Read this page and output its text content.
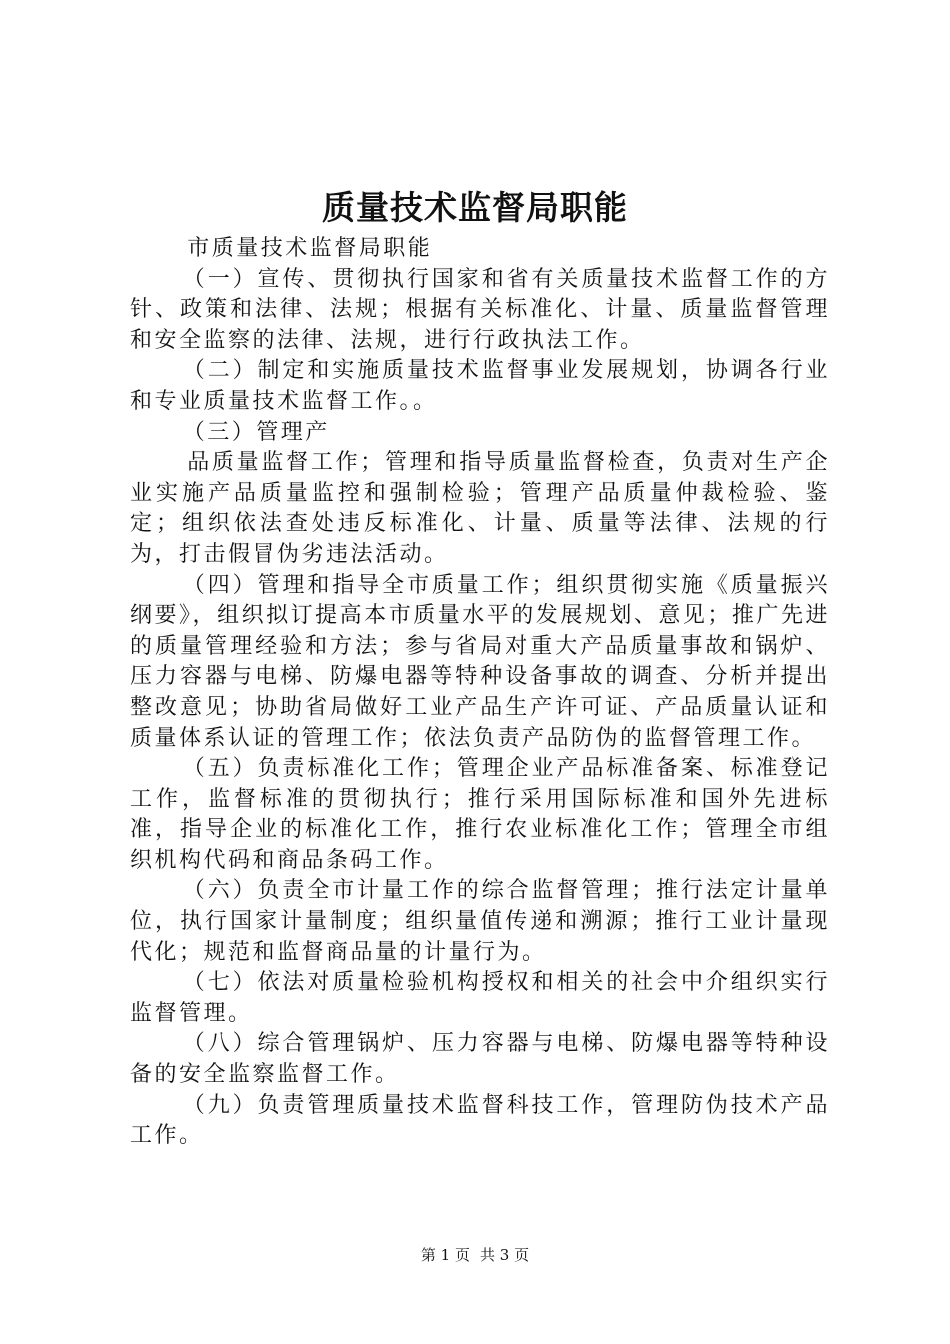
质量技术监督局职能

市质量技术监督局职能

（一）宣传、贯彻执行国家和省有关质量技术监督工作的方针、政策和法律、法规；根据有关标准化、计量、质量监督管理和安全监察的法律、法规，进行行政执法工作。

（二）制定和实施质量技术监督事业发展规划，协调各行业和专业质量技术监督工作。。

（三）管理产

品质量监督工作；管理和指导质量监督检查，负责对生产企业实施产品质量监控和强制检验；管理产品质量仲裁检验、鉴定；组织依法查处违反标准化、计量、质量等法律、法规的行为，打击假冒伪劣违法活动。

（四）管理和指导全市质量工作；组织贯彻实施《质量振兴纲要》，组织拟订提高本市质量水平的发展规划、意见；推广先进的质量管理经验和方法；参与省局对重大产品质量事故和锅炉、压力容器与电梯、防爆电器等特种设备事故的调查、分析并提出整改意见；协助省局做好工业产品生产许可证、产品质量认证和质量体系认证的管理工作；依法负责产品防伪的监督管理工作。

（五）负责标准化工作；管理企业产品标准备案、标准登记工作，监督标准的贯彻执行；推行采用国际标准和国外先进标准，指导企业的标准化工作，推行农业标准化工作；管理全市组织机构代码和商品条码工作。

（六）负责全市计量工作的综合监督管理；推行法定计量单位，执行国家计量制度；组织量值传递和溯源；推行工业计量现代化；规范和监督商品量的计量行为。

（七）依法对质量检验机构授权和相关的社会中介组织实行监督管理。

（八）综合管理锅炉、压力容器与电梯、防爆电器等特种设备的安全监察监督工作。

（九）负责管理质量技术监督科技工作，管理防伪技术产品工作。

第 1 页 共 3 页
